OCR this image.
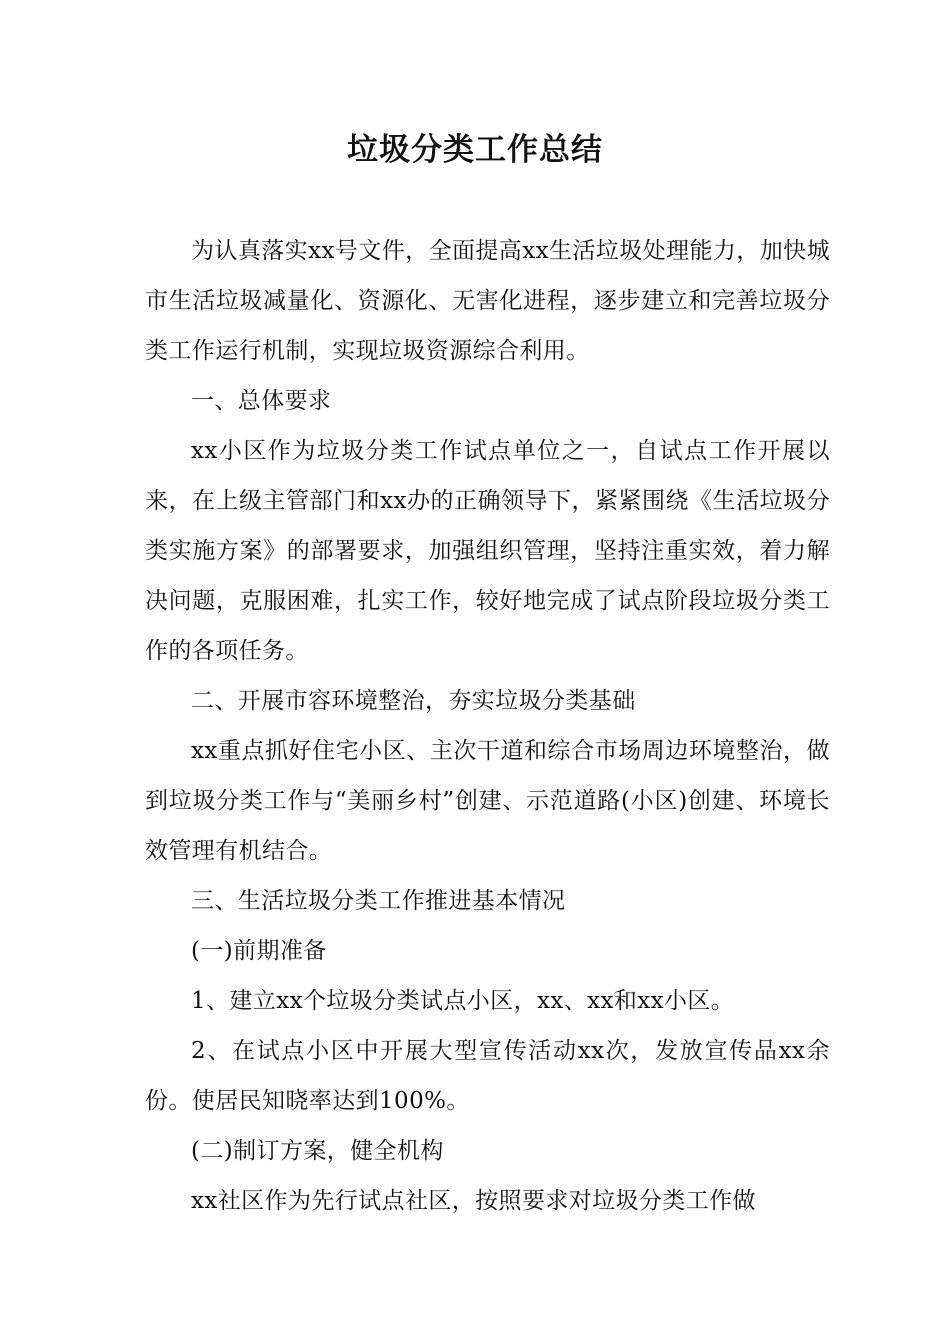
垃圾分类工作总结

为认真落实xx号文件，全面提高xx生活垃圾处理能力，加快城市生活垃圾减量化、资源化、无害化进程，逐步建立和完善垃圾分类工作运行机制，实现垃圾资源综合利用。

一、总体要求

xx小区作为垃圾分类工作试点单位之一，自试点工作开展以来，在上级主管部门和xx办的正确领导下，紧紧围绕《生活垃圾分类实施方案》的部署要求，加强组织管理，坚持注重实效，着力解决问题，克服困难，扎实工作，较好地完成了试点阶段垃圾分类工作的各项任务。

二、开展市容环境整治，夯实垃圾分类基础

xx重点抓好住宅小区、主次干道和综合市场周边环境整治，做到垃圾分类工作与“美丽乡村”创建、示范道路(小区)创建、环境长效管理有机结合。

三、生活垃圾分类工作推进基本情况

(一)前期准备

1、建立xx个垃圾分类试点小区，xx、xx和xx小区。

2、在试点小区中开展大型宣传活动xx次，发放宣传品xx余份。使居民知晓率达到100%。

(二)制订方案，健全机构

xx社区作为先行试点社区，按照要求对垃圾分类工作做
